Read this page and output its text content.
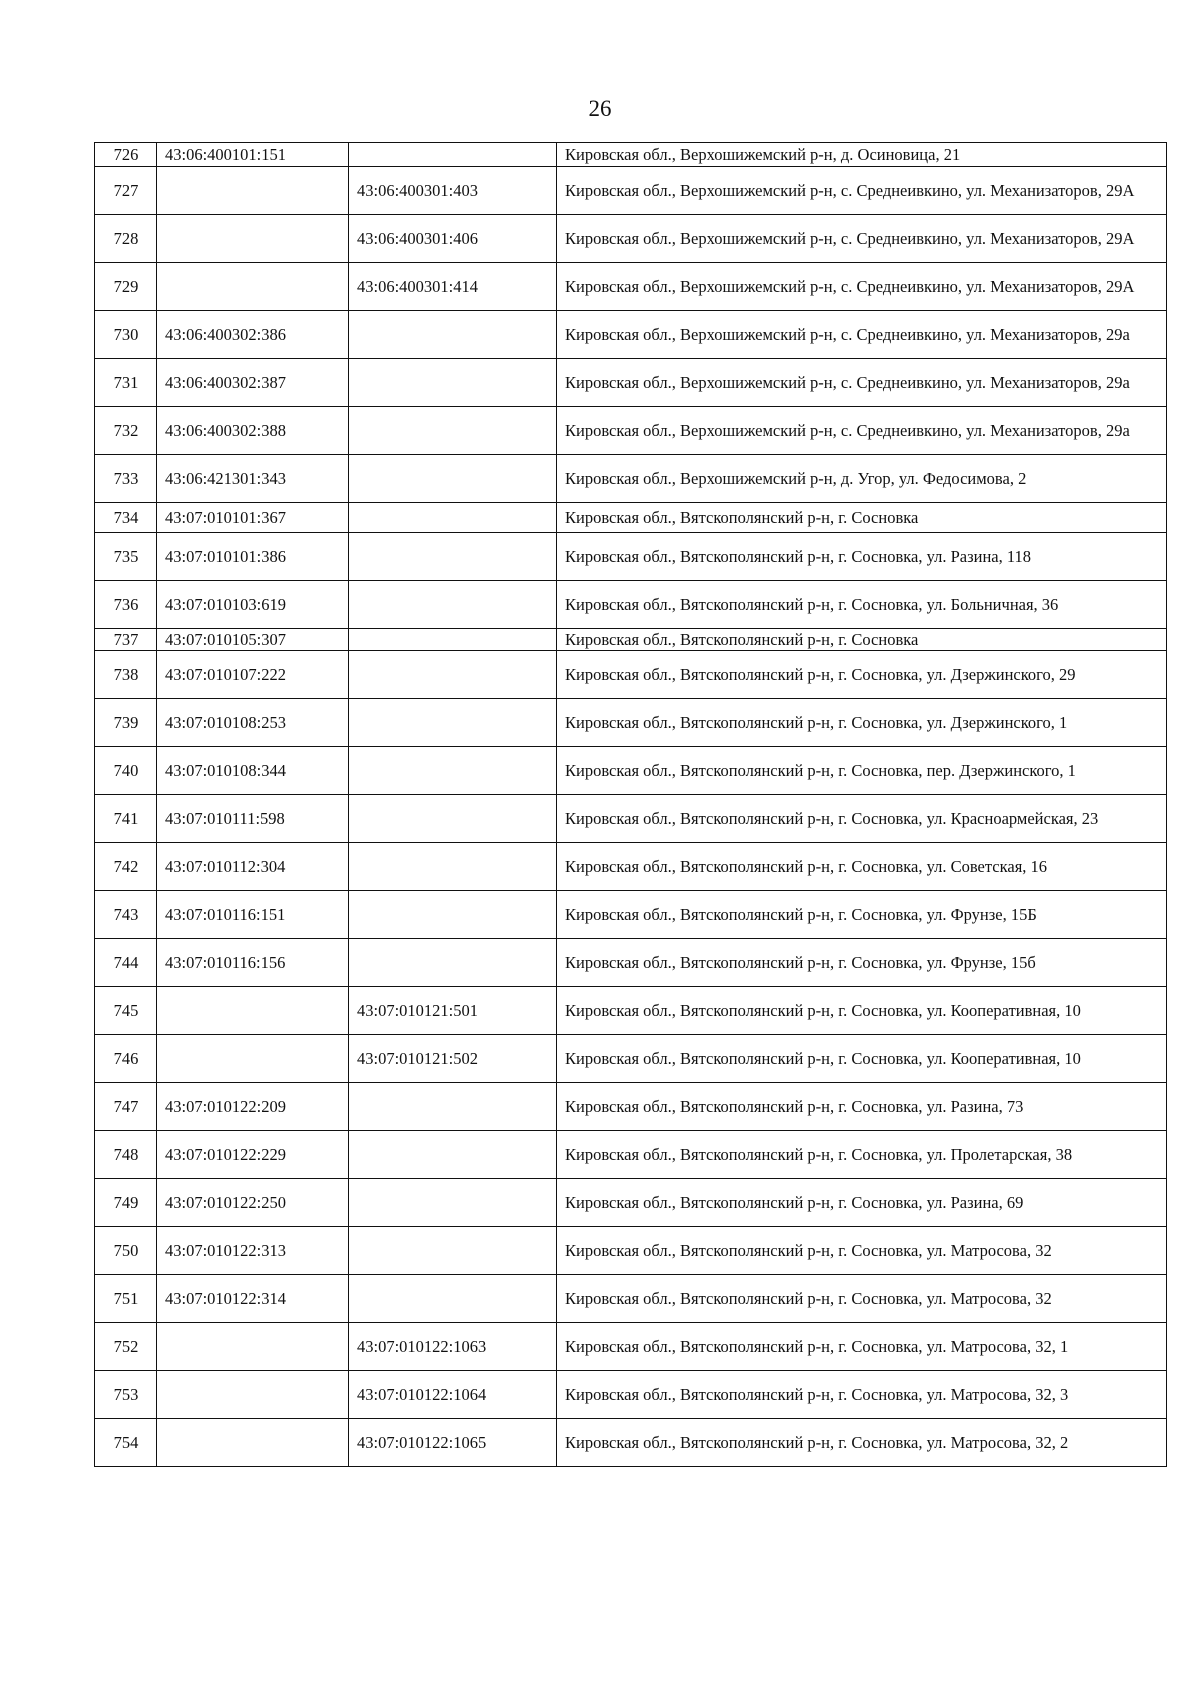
26
726	43:06:400101:151		Кировская обл., Верхошижемский р-н, д. Осиновица, 21
727		43:06:400301:403	Кировская обл., Верхошижемский р-н, с. Среднеивкино, ул. Механизаторов, 29А
728		43:06:400301:406	Кировская обл., Верхошижемский р-н, с. Среднеивкино, ул. Механизаторов, 29А
729		43:06:400301:414	Кировская обл., Верхошижемский р-н, с. Среднеивкино, ул. Механизаторов, 29А
730	43:06:400302:386		Кировская обл., Верхошижемский р-н, с. Среднеивкино, ул. Механизаторов, 29а
731	43:06:400302:387		Кировская обл., Верхошижемский р-н, с. Среднеивкино, ул. Механизаторов, 29а
732	43:06:400302:388		Кировская обл., Верхошижемский р-н, с. Среднеивкино, ул. Механизаторов, 29а
733	43:06:421301:343		Кировская обл., Верхошижемский р-н, д. Угор, ул. Федосимова, 2
734	43:07:010101:367		Кировская обл., Вятскополянский р-н, г. Сосновка
735	43:07:010101:386		Кировская обл., Вятскополянский р-н, г. Сосновка, ул. Разина, 118
736	43:07:010103:619		Кировская обл., Вятскополянский р-н, г. Сосновка, ул. Больничная, 36
737	43:07:010105:307		Кировская обл., Вятскополянский р-н, г. Сосновка
738	43:07:010107:222		Кировская обл., Вятскополянский р-н, г. Сосновка, ул. Дзержинского, 29
739	43:07:010108:253		Кировская обл., Вятскополянский р-н, г. Сосновка, ул. Дзержинского, 1
740	43:07:010108:344		Кировская обл., Вятскополянский р-н, г. Сосновка, пер. Дзержинского, 1
741	43:07:010111:598		Кировская обл., Вятскополянский р-н, г. Сосновка, ул. Красноармейская, 23
742	43:07:010112:304		Кировская обл., Вятскополянский р-н, г. Сосновка, ул. Советская, 16
743	43:07:010116:151		Кировская обл., Вятскополянский р-н, г. Сосновка, ул. Фрунзе, 15Б
744	43:07:010116:156		Кировская обл., Вятскополянский р-н, г. Сосновка, ул. Фрунзе, 15б
745		43:07:010121:501	Кировская обл., Вятскополянский р-н, г. Сосновка, ул. Кооперативная, 10
746		43:07:010121:502	Кировская обл., Вятскополянский р-н, г. Сосновка, ул. Кооперативная, 10
747	43:07:010122:209		Кировская обл., Вятскополянский р-н, г. Сосновка, ул. Разина, 73
748	43:07:010122:229		Кировская обл., Вятскополянский р-н, г. Сосновка, ул. Пролетарская, 38
749	43:07:010122:250		Кировская обл., Вятскополянский р-н, г. Сосновка, ул. Разина, 69
750	43:07:010122:313		Кировская обл., Вятскополянский р-н, г. Сосновка, ул. Матросова, 32
751	43:07:010122:314		Кировская обл., Вятскополянский р-н, г. Сосновка, ул. Матросова, 32
752		43:07:010122:1063	Кировская обл., Вятскополянский р-н, г. Сосновка, ул. Матросова, 32, 1
753		43:07:010122:1064	Кировская обл., Вятскополянский р-н, г. Сосновка, ул. Матросова, 32, 3
754		43:07:010122:1065	Кировская обл., Вятскополянский р-н, г. Сосновка, ул. Матросова, 32, 2
